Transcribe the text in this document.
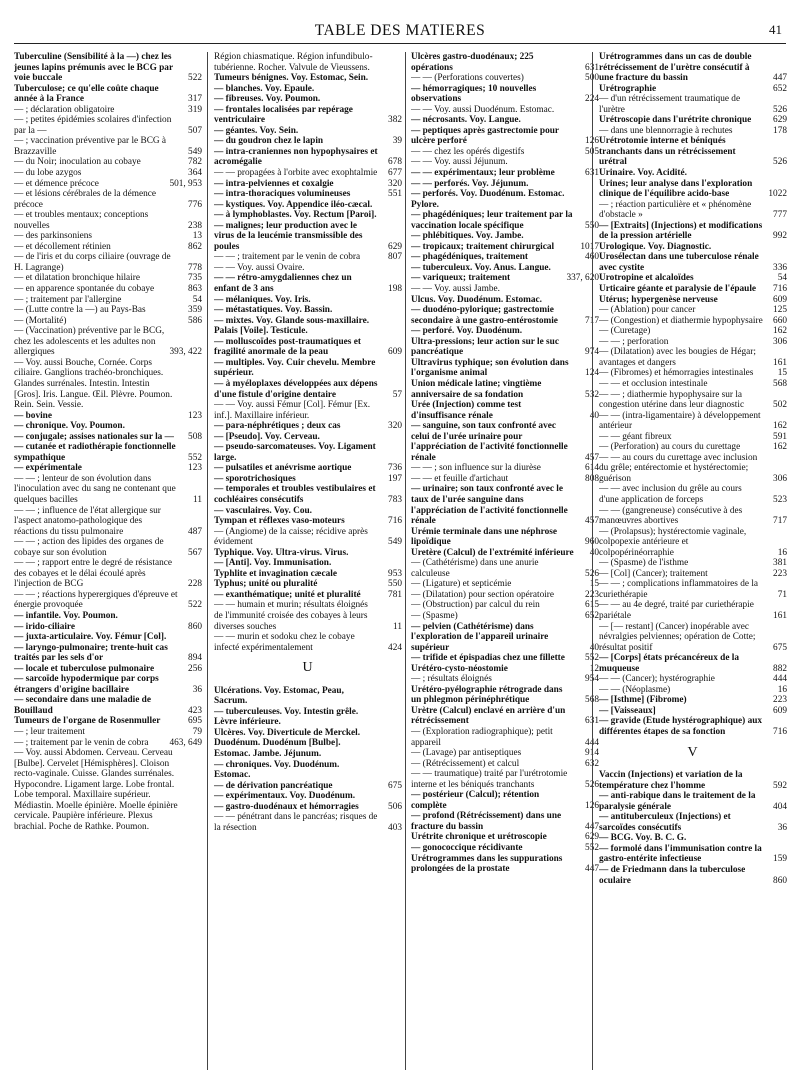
TABLE DES MATIERES	41
Tuberculine (Sensibilité à la —) chez les jeunes lapins prémunis avec le BCG par voie buccale	522
Tuberculose; ce qu'elle coûte chaque année à la France	317
— ; déclaration obligatoire	319
— ; petites épidémies scolaires d'infection par la —	507
— ; vaccination préventive par le BCG à Brazzaville	549
— du Noir; inoculation au cobaye	782
— du lobe azygos	364
— et démence précoce	501, 953
— et lésions cérébrales de la démence précoce	776
— et troubles mentaux; conceptions nouvelles	238
— des parkinsoniens	13
— et décollement rétinien	862
— de l'iris et du corps ciliaire (ouvrage de H. Lagrange)	778
— et dilatation bronchique hilaire	735
— en apparence spontanée du cobaye	863
— ; traitement par l'allergine	54
— (Lutte contre la —) au Pays-Bas	359
— (Mortalité)	586
— (Vaccination) préventive par le BCG, chez les adolescents et les adultes non allergiques	393, 422
— Voy. aussi Bouche, Cornée. Corps ciliaire. Ganglions trachéo-bronchiques. Glandes surrénales. Intestin. Intestin [Gros]. Iris. Langue. Œil. Plèvre. Poumon. Rein. Sein. Vessie.
— bovine	123
— chronique. Voy. Poumon.
— conjugale; assises nationales sur la —	508
— cutanée et radiothérapie fonctionnelle sympathique	552
— expérimentale	123
— — ; lenteur de son évolution dans l'inoculation avec du sang ne contenant que quelques bacilles	11
— — ; influence de l'état allergique sur l'aspect anatomo-pathologique des réactions du tissu pulmonaire	487
— — ; action des lipides des organes de cobaye sur son évolution	567
— — ; rapport entre le degré de résistance des cobayes et le délai écoulé après l'injection de BCG	228
— — ; réactions hyperergiques d'épreuve et énergie provoquée	522
— infantile. Voy. Poumon.
— irido-ciliaire	860
— juxta-articulaire. Voy. Fémur [Col].
— laryngo-pulmonaire; trente-huit cas traités par les sels d'or	894
— locale et tuberculose pulmonaire	256
— sarcoïde hypodermique par corps étrangers d'origine bacillaire	36
— secondaire dans une maladie de Bouillaud	423
Tumeurs de l'organe de Rosenmuller	695
— ; leur traitement	79
— ; traitement par le venin de cobra	463, 649
— Voy. aussi Abdomen. Cerveau. Cerveau [Bulbe]. Cervelet [Hémisphères]. Cloison recto-vaginale. Cuisse. Glandes surrénales. Hypocondre. Ligament large. Lobe frontal. Lobe temporal. Maxillaire supérieur. Médiastin. Moelle épinière. Moelle épinière cervicale. Paupière inférieure. Plexus brachial. Poche de Rathke. Poumon.
Région chiasmatique. Région infundibulo-tubérienne. Rocher. Valvule de Vieussens.
Tumeurs bénignes. Voy. Estomac, Sein.
— blanches. Voy. Epaule.
— fibreuses. Voy. Poumon.
— frontales localisées par repérage ventriculaire	382
— géantes. Voy. Sein.
— du goudron chez le lapin	39
— intra-craniennes non hypophysaires et acromégalie	678
— — propagées à l'orbite avec exophtalmie 677
— intra-pelviennes et coxalgie	320
— intra-thoraciques volumineuses	551
— kystiques. Voy. Appendice iléo-cæcal.
— à lymphoblastes. Voy. Rectum [Paroi].
— malignes; leur production avec le virus de la leucémie transmissible des poules	629
— — ; traitement par le venin de cobra	807
— — Voy. aussi Ovaire.
— — rétro-amygdaliennes chez un enfant de 3 ans	198
— mélaniques. Voy. Iris.
— métastatiques. Voy. Bassin.
— mixtes. Voy. Glande sous-maxillaire. Palais [Voile]. Testicule.
— molluscoïdes post-traumatiques et fragilité anormale de la peau	609
— multiples. Voy. Cuir chevelu. Membre supérieur.
— à myéloplaxes développées aux dépens d'une fistule d'origine dentaire	57
— — Voy. aussi Fémur [Col]. Fémur [Ex. inf.]. Maxillaire inférieur.
— para-néphrétiques ; deux cas	320
— [Pseudo]. Voy. Cerveau.
— pseudo-sarcomateuses. Voy. Ligament large.
— pulsatiles et anévrisme aortique	736
— sporotrichosiques	197
— temporales et troubles vestibulaires et cochléaires consécutifs	783
— vasculaires. Voy. Cou.
Tympan et réflexes vaso-moteurs	716
— (Angiome) de la caisse; récidive après évidement	549
Typhique. Voy. Ultra-virus. Virus.
— [Anti]. Voy. Immunisation.
Typhlite et invagination cæcale	953
Typhus; unité ou pluralité	550
— exanthématique; unité et pluralité	781
— — humain et murin; résultats éloignés de l'immunité croisée des cobayes à leurs diverses souches	11
— — murin et sodoku chez le cobaye infecté expérimentalement	424
U
Ulcérations. Voy. Estomac, Peau, Sacrum.
— tuberculeuses. Voy. Intestin grêle. Lèvre inférieure.
Ulcères. Voy. Diverticule de Merckel. Duodénum. Duodénum [Bulbe]. Estomac. Jambe. Jéjunum.
— chroniques. Voy. Duodénum. Estomac.
— de dérivation pancréatique	675
— expérimentaux. Voy. Duodénum.
— gastro-duodénaux et hémorragies	506
— — pénétrant dans le pancréas; risques de la résection	403
Ulcères gastro-duodénaux; 225 opérations	631
— — (Perforations couvertes)	500
— hémorragiques; 10 nouvelles observations	224
— — Voy. aussi Duodénum. Estomac.
— nécrosants. Voy. Langue.
— peptiques après gastrectomie pour ulcère perforé	126
— — chez les opérés digestifs	505
— — Voy. aussi Jéjunum.
— — expérimentaux; leur problème	631
— — perforés. Voy. Jéjunum.
— perforés. Voy. Duodénum. Estomac. Pylore.
— phagédéniques; leur traitement par la vaccination locale spécifique	550
— phlébitiques. Voy. Jambe.
— tropicaux; traitement chirurgical	1017
— phagédéniques, traitement	460
— tuberculeux. Voy. Anus. Langue.
— variqueux; traitement	337, 620
— — Voy. aussi Jambe.
Ulcus. Voy. Duodénum. Estomac.
— duodéno-pylorique; gastrectomie secondaire à une gastro-entérostomie	717
— perforé. Voy. Duodénum.
Ultra-pressions; leur action sur le suc pancréatique	974
Ultravirus typhique; son évolution dans l'organisme animal	124
Union médicale latine; vingtième anniversaire de sa fondation	532
Urée (Injection) comme test d'insuffisance rénale	40
— sanguine, son taux confronté avec celui de l'urée urinaire pour l'appréciation de l'activité fonctionnelle rénale	457
— — ; son influence sur la diurèse	614
— — et feuille d'artichaut	808
— urinaire; son taux confronté avec le taux de l'urée sanguine dans l'appréciation de l'activité fonctionnelle rénale	457
Urémie terminale dans une néphrose lipoïdique	960
Uretère (Calcul) de l'extrémité inférieure 40
— (Cathétérisme) dans une anurie calculeuse	526
— (Ligature) et septicémie	15
— (Dilatation) pour section opératoire	223
— (Obstruction) par calcul du rein	615
— (Spasme)	652
— pelvien (Cathétérisme) dans l'exploration de l'appareil urinaire supérieur	40
— trifide et épispadias chez une fillette	552
Urétéro-cysto-néostomie	12
— ; résultats éloignés	954
Urétéro-pyélographie rétrograde dans un phlegmon périnéphrétique	568
Urètre (Calcul) enclavé en arrière d'un rétrécissement	631
— (Exploration radiographique); petit appareil	444
— (Lavage) par antiseptiques	914
— (Rétrécissement) et calcul	632
— — traumatique) traité par l'urétrotomie interne et les béniqués tranchants	526
— postérieur (Calcul); rétention complète	126
— profond (Rétrécissement) dans une fracture du bassin	447
Urétrite chronique et urétroscopie	629
— gonococcique récidivante	552
Urétrogrammes dans les suppurations prolongées de la prostate	447
Urétrogrammes dans un cas de double rétrécissement de l'urètre consécutif à une fracture du bassin	447
Urétrographie	652
— d'un rétrécissement traumatique de l'urètre	526
Urétroscopie dans l'urétrite chronique	629
— dans une blennorragie à rechutes	178
Urétrotomie interne et béniqués tranchants dans un rétrécissement urétral	526
Urinaire. Voy. Acidité.
Urines; leur analyse dans l'exploration clinique de l'équilibre acido-base	1022
— ; réaction particulière et « phénomène d'obstacle »	777
— [Extraits] (Injections) et modifications de la pression artérielle	992
Urologique. Voy. Diagnostic.
Urosélectan dans une tuberculose rénale avec cystite	336
Urotropine et alcaloïdes	54
Urticaire géante et paralysie de l'épaule	716
Utérus; hypergenèse nerveuse	609
— (Ablation) pour cancer	125
— (Congestion) et diathermie hypophysaire 660
— (Curetage)	162
— — ; perforation	306
— (Dilatation) avec les bougies de Hégar; avantages et dangers	161
— (Fibromes) et hémorragies intestinales	15
— — et occlusion intestinale	568
— — ; diathermie hypophysaire sur la congestion utérine dans leur diagnostic	502
— — (intra-ligamentaire) à développement antérieur	162
— — géant fibreux	591
— (Perforation) au cours du curettage	162
— — au cours du curettage avec inclusion du grêle; entérectomie et hystérectomie; guérison	306
— — avec inclusion du grêle au cours d'une application de forceps	523
— — (gangreneuse) consécutive à des manœuvres abortives	717
— (Prolapsus); hystérectomie vaginale, colpopexie antérieure et colpopérinéorraphie	16
— (Spasme) de l'isthme	381
— [Col] (Cancer); traitement	223
— — ; complications inflammatoires de la curiethérapie	71
— — au 4e degré, traité par curiethérapie pariétale	161
— [— restant] (Cancer) inopérable avec névralgies pelviennes; opération de Cotte; résultat positif	675
— [Corps] états précancéreux de la muqueuse	882
— — (Cancer); hystérographie	444
— — (Néoplasme)	16
— [Isthme] (Fibrome)	223
— [Vaisseaux]	609
— gravide (Etude hystérographique) aux différentes étapes de sa fonction	716
V
Vaccin (Injections) et variation de la température chez l'homme	592
— anti-rabique dans le traitement de la paralysie générale	404
— antituberculeux (Injections) et sarcoïdes consécutifs	36
— BCG. Voy. B. C. G.
— formolé dans l'immunisation contre la gastro-entérite infectieuse	159
— de Friedmann dans la tuberculose oculaire	860
